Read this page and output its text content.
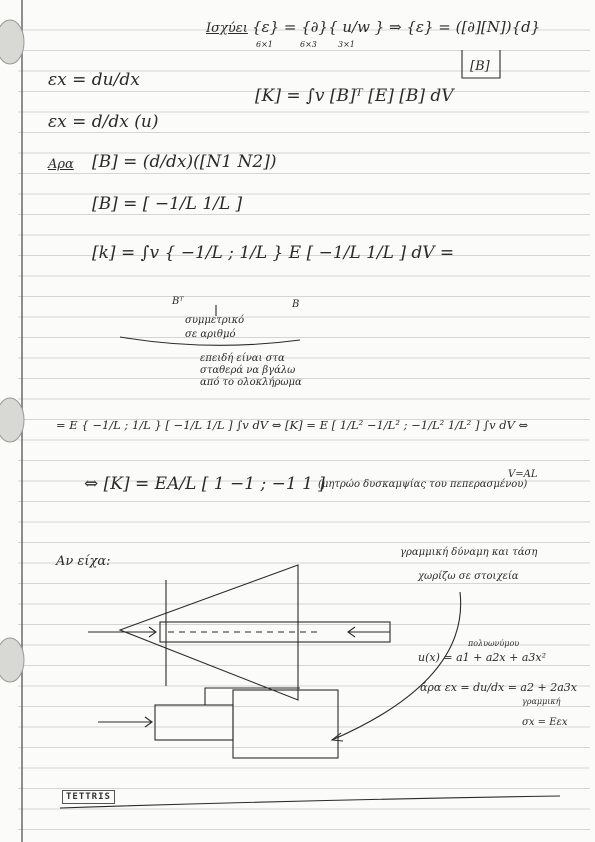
Ισχύει {ε} = {∂}{ u/w } ⇒ {ε} = ([∂][N]){d}
6×1	6×3	3×1
[B]
εx = du/dx
εx = d/dx (u)
[K] = ∫v [B]ᵀ [E] [B] dV
Αρα [B] = (d/dx)([N1 N2])
[B] = [ −1/L 1/L ]
[k] = ∫v { −1/L ; 1/L } E [ −1/L 1/L ] dV =
Bᵀ	B
συμμετρικό
σε αριθμό
επειδή είναι στα
σταθερά να βγάλω
από το ολοκλήρωμα
= E { −1/L ; 1/L } [ −1/L 1/L ] ∫v dV ⇔ [K] = E [ 1/L² −1/L² ; −1/L² 1/L² ] ∫v dV ⇔
V=AL
⇔ [K] = EA/L [ 1 −1 ; −1 1 ]
(μητρώο δυσκαμψίας του πεπερασμένου)
Αν είχα:
γραμμική δύναμη και τάση
χωρίζω σε στοιχεία
πολυωνύμου
u(x) = a1 + a2x + a3x²
άρα εx = du/dx = a2 + 2a3x
γραμμική
σx = Eεx
TETTRIS
